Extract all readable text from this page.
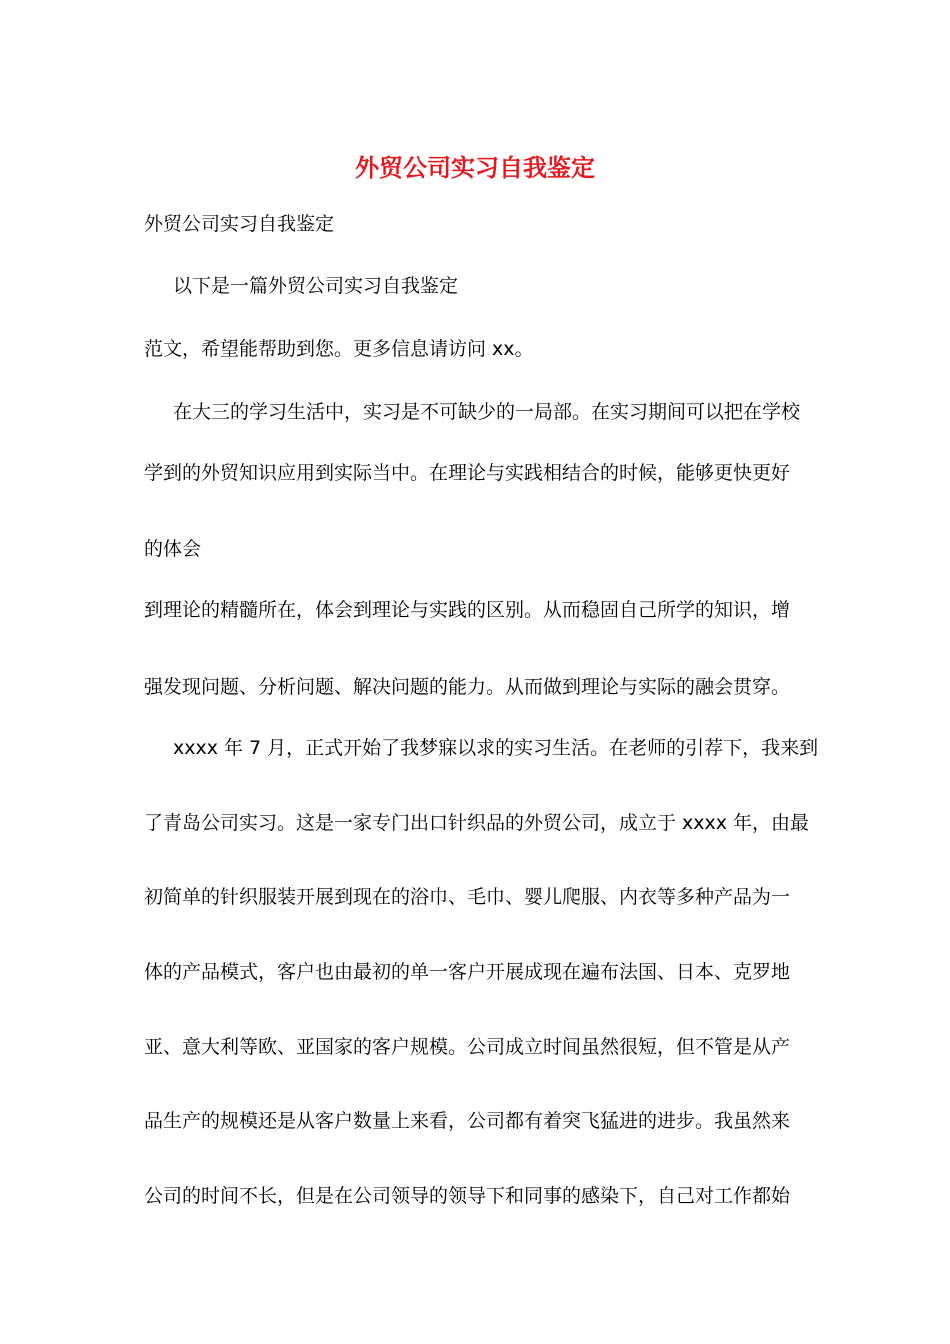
外贸公司实习自我鉴定

外贸公司实习自我鉴定

以下是一篇外贸公司实习自我鉴定

范文，希望能帮助到您。更多信息请访问 xx。

在大三的学习生活中，实习是不可缺少的一局部。在实习期间可以把在学校

学到的外贸知识应用到实际当中。在理论与实践相结合的时候，能够更快更好

的体会

到理论的精髓所在，体会到理论与实践的区别。从而稳固自己所学的知识，增

强发现问题、分析问题、解决问题的能力。从而做到理论与实际的融会贯穿。

xxxx 年 7 月，正式开始了我梦寐以求的实习生活。在老师的引荐下，我来到

了青岛公司实习。这是一家专门出口针织品的外贸公司，成立于 xxxx 年，由最

初简单的针织服装开展到现在的浴巾、毛巾、婴儿爬服、内衣等多种产品为一

体的产品模式，客户也由最初的单一客户开展成现在遍布法国、日本、克罗地

亚、意大利等欧、亚国家的客户规模。公司成立时间虽然很短，但不管是从产

品生产的规模还是从客户数量上来看，公司都有着突飞猛进的进步。我虽然来

公司的时间不长，但是在公司领导的领导下和同事的感染下，自己对工作都始
